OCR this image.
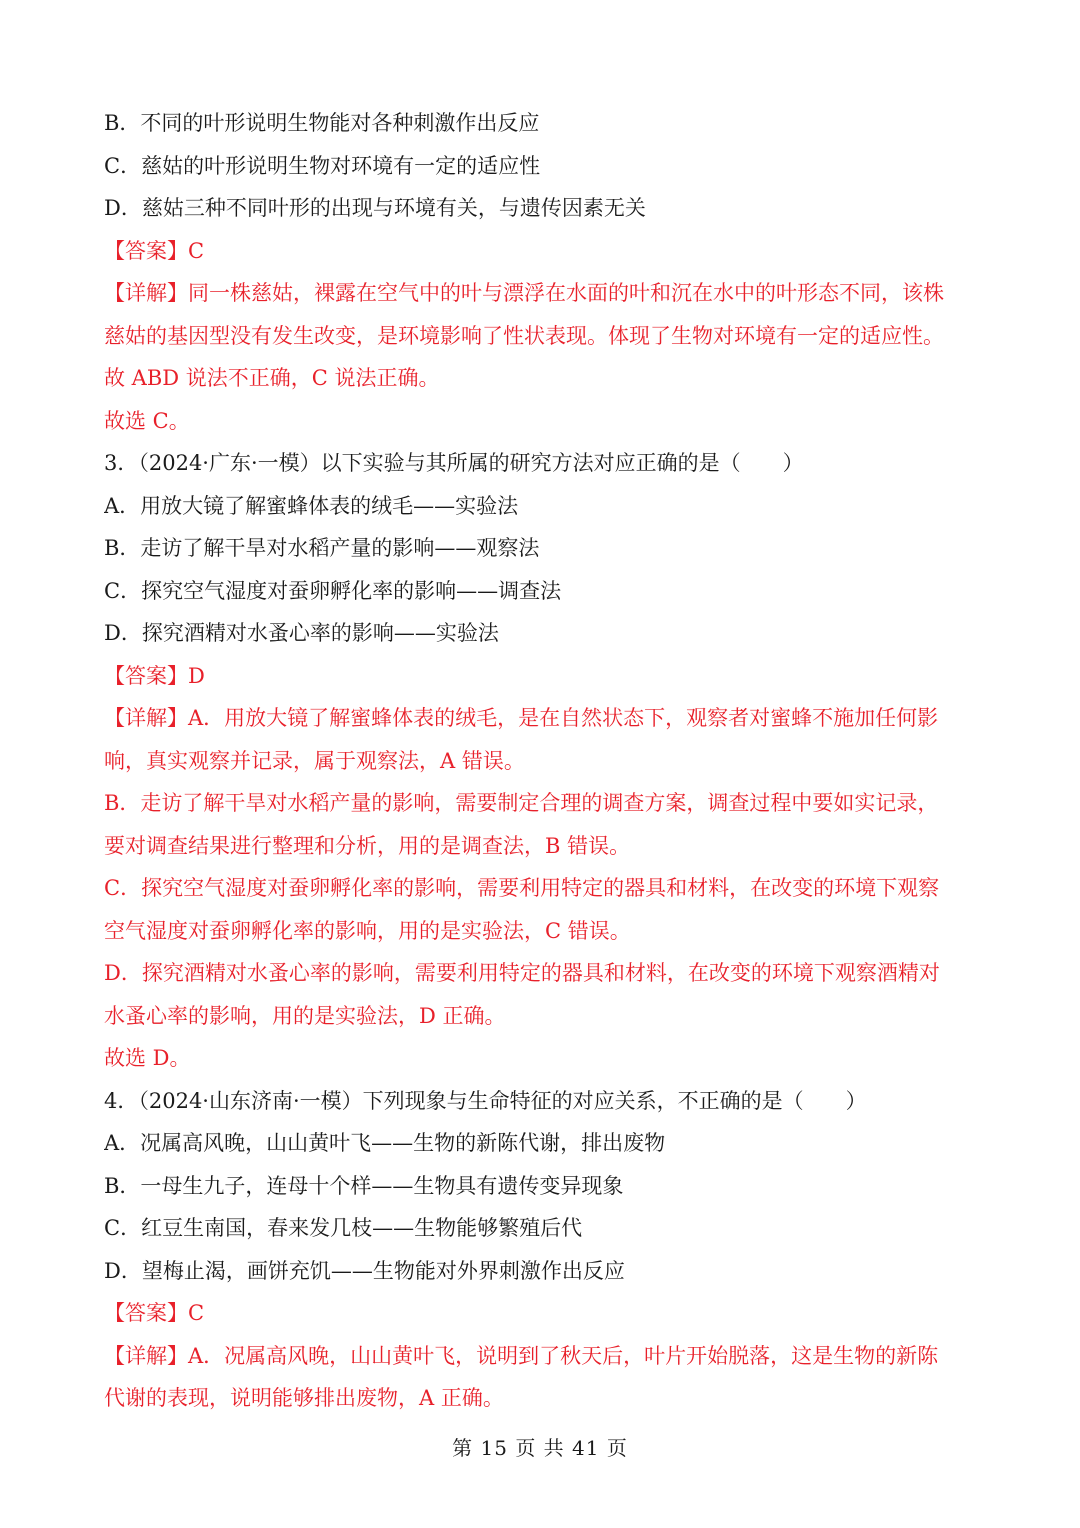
B．不同的叶形说明生物能对各种刺激作出反应
C．慈姑的叶形说明生物对环境有一定的适应性
D．慈姑三种不同叶形的出现与环境有关，与遗传因素无关
【答案】C
【详解】同一株慈姑，裸露在空气中的叶与漂浮在水面的叶和沉在水中的叶形态不同，该株
慈姑的基因型没有发生改变，是环境影响了性状表现。体现了生物对环境有一定的适应性。
故 ABD 说法不正确，C 说法正确。
故选 C。
3．（2024·广东·一模）以下实验与其所属的研究方法对应正确的是（　　）
A．用放大镜了解蜜蜂体表的绒毛——实验法
B．走访了解干旱对水稻产量的影响——观察法
C．探究空气湿度对蚕卵孵化率的影响——调查法
D．探究酒精对水蚤心率的影响——实验法
【答案】D
【详解】A．用放大镜了解蜜蜂体表的绒毛，是在自然状态下，观察者对蜜蜂不施加任何影
响，真实观察并记录，属于观察法，A 错误。
B．走访了解干旱对水稻产量的影响，需要制定合理的调查方案，调查过程中要如实记录，
要对调查结果进行整理和分析，用的是调查法，B 错误。
C．探究空气湿度对蚕卵孵化率的影响，需要利用特定的器具和材料，在改变的环境下观察
空气湿度对蚕卵孵化率的影响，用的是实验法，C 错误。
D．探究酒精对水蚤心率的影响，需要利用特定的器具和材料，在改变的环境下观察酒精对
水蚤心率的影响，用的是实验法，D 正确。
故选 D。
4．（2024·山东济南·一模）下列现象与生命特征的对应关系，不正确的是（　　）
A．况属高风晚，山山黄叶飞——生物的新陈代谢，排出废物
B．一母生九子，连母十个样——生物具有遗传变异现象
C．红豆生南国，春来发几枝——生物能够繁殖后代
D．望梅止渴，画饼充饥——生物能对外界刺激作出反应
【答案】C
【详解】A．况属高风晚，山山黄叶飞，说明到了秋天后，叶片开始脱落，这是生物的新陈
代谢的表现，说明能够排出废物，A 正确。
第 15 页 共 41 页
